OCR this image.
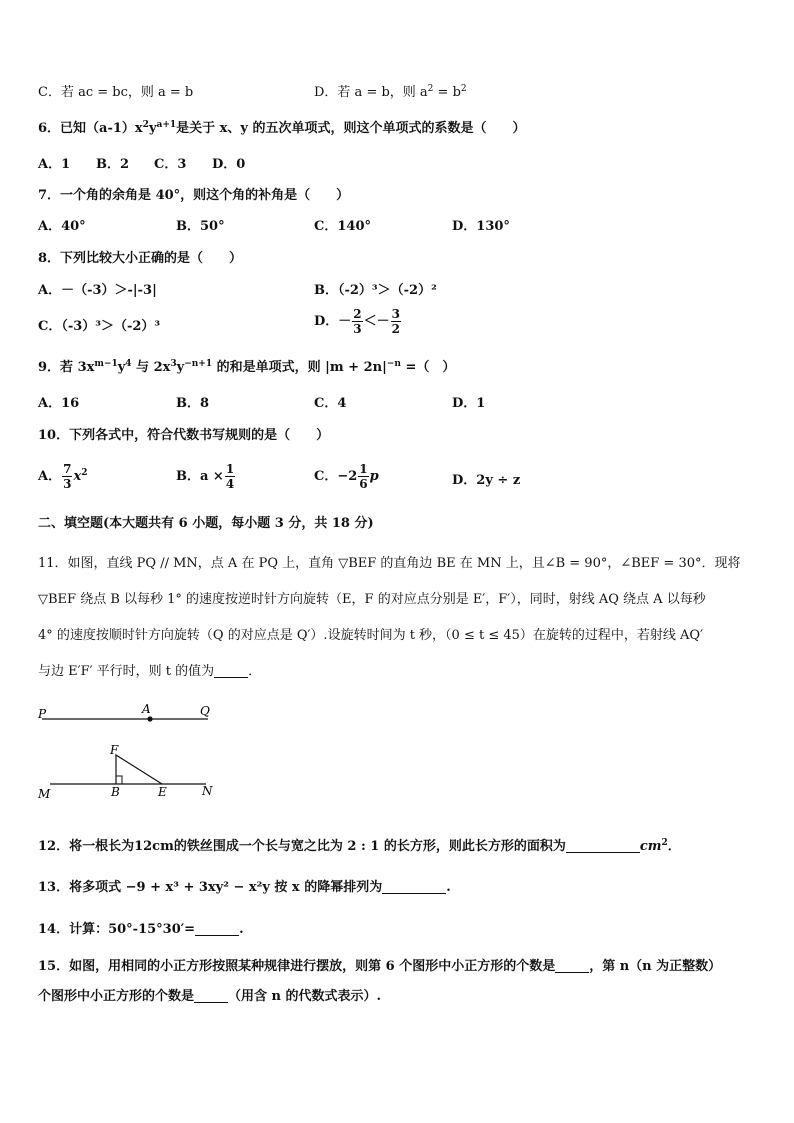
C．若 ac = bc，则 a = b	D．若 a = b，则 $a^2 = b^2$
6．已知$(a-1)x^2y^{a+1}$是关于 x、y 的五次单项式，则这个单项式的系数是（　　）
A．1 B．2 C．3 D．0
7．一个角的余角是 40°，则这个角的补角是（　　）
A．40°	B．50°	C．140°	D．130°
8．下列比较大小正确的是（　　）
A．－（-3）＞-|-3|	B．（-2）³＞（-2）²
C．（-3）³＞（-2）³	D．－ $\frac{2}{3} <- \frac{3}{2}$
9．若 $3x^{m-1}y^4$ 与 $2x^3y^{-n+1}$ 的和是单项式，则 $|m + 2n|^{-n}$ =（　）
A．16	B．8	C．4	D．1
10．下列各式中，符合代数书写规则的是（　　）
A． $\frac{7}{3} x^2$	B．$a \times \frac{1}{4}$	C．$-2 \frac{1}{6}$ p	D．2y ÷ z
二、填空题(本大题共有 6 小题，每小题 3 分，共 18 分)
11．如图，直线 PQ // MN，点 A 在 PQ 上，直角 ▽BEF 的直角边 BE 在 MN 上，且∠B = 90°，∠BEF = 30°．现将
▽BEF 绕点 B 以每秒 1° 的速度按逆时针方向旋转（E，F 的对应点分别是 E′，F′），同时，射线 AQ 绕点 A 以每秒
4° 的速度按顺时针方向旋转（Q 的对应点是 Q′）.设旋转时间为 t 秒，（0 ≤ t ≤ 45）在旋转的过程中，若射线 AQ′
与边 E′F′ 平行时，则 t 的值为	．
P	A	Q
F
M	B	E	N
12．将一根长为12cm的铁丝围成一个长与宽之比为 2 : 1 的长方形，则此长方形的面积为	$cm^2$．
13．将多项式 −9 + x³ + 3xy² − x²y 按 x 的降幂排列为	.
14．计算：50°-15°30′=	.
15．如图，用相同的小正方形按照某种规律进行摆放，则第 6 个图形中小正方形的个数是	，第 n（n 为正整数）
个图形中小正方形的个数是	（用含 n 的代数式表示）.
